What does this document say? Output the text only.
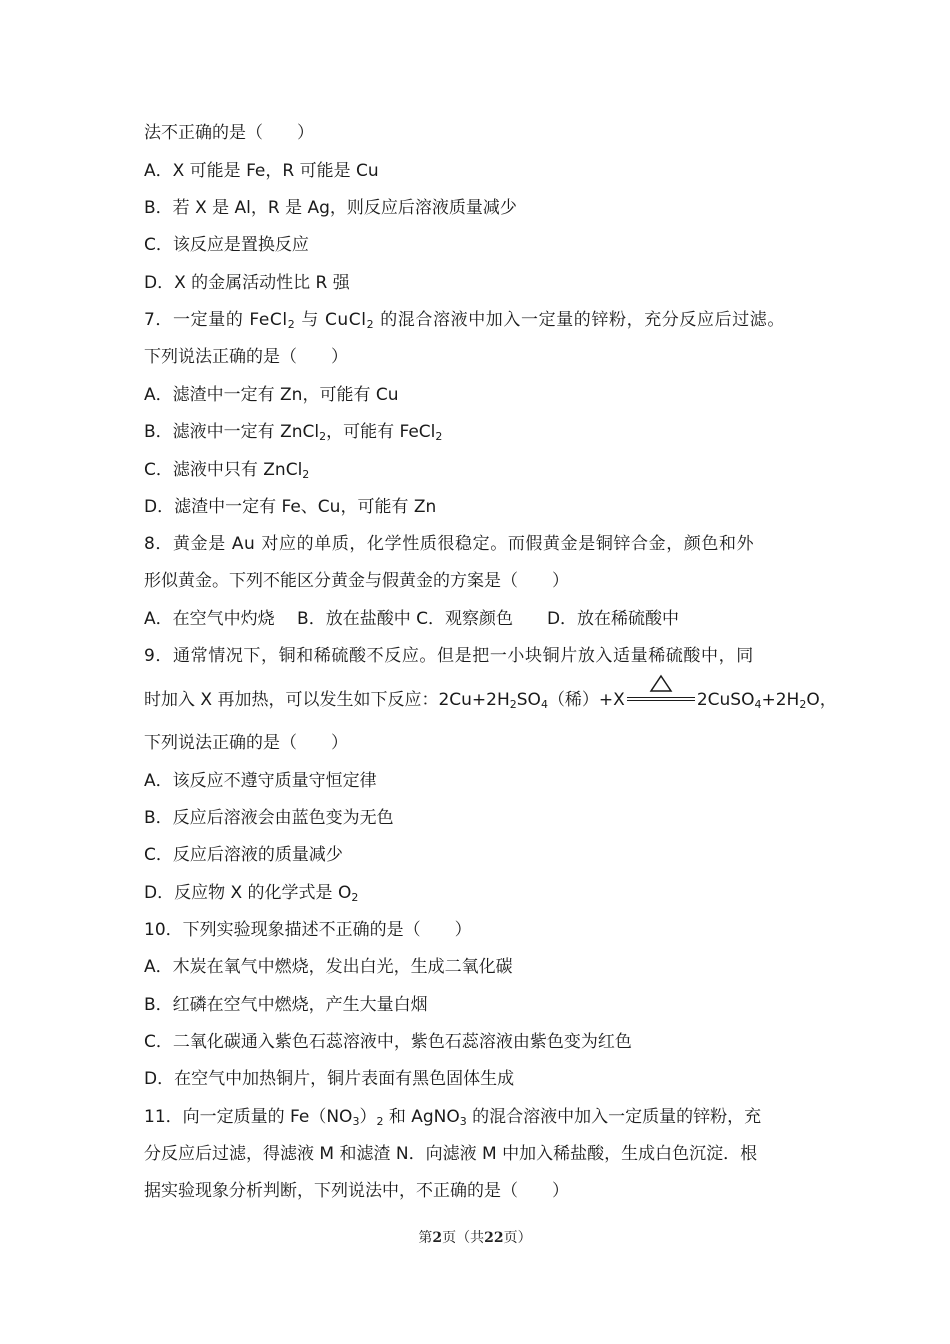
法不正确的是（　　）
A．X 可能是 Fe，R 可能是 Cu
B．若 X 是 Al，R 是 Ag，则反应后溶液质量减少
C．该反应是置换反应
D．X 的金属活动性比 R 强
7．一定量的 FeCl$_2$ 与 CuCl$_2$ 的混合溶液中加入一定量的锌粉，充分反应后过滤。
下列说法正确的是（　　）
A．滤渣中一定有 Zn，可能有 Cu
B．滤液中一定有 ZnCl$_2$，可能有 FeCl$_2$
C．滤液中只有 ZnCl$_2$
D．滤渣中一定有 Fe、Cu，可能有 Zn
8．黄金是 Au 对应的单质，化学性质很稳定。而假黄金是铜锌合金，颜色和外
形似黄金。下列不能区分黄金与假黄金的方案是（　　）
A．在空气中灼烧　 B．放在盐酸中 C．观察颜色　　D．放在稀硫酸中
9．通常情况下，铜和稀硫酸不反应。但是把一小块铜片放入适量稀硫酸中，同
时加入 X 再加热，可以发生如下反应：$2Cu+2H_2SO_4$（稀）+X	$2CuSO_4+2H_2O$，
下列说法正确的是（　　）
A．该反应不遵守质量守恒定律
B．反应后溶液会由蓝色变为无色
C．反应后溶液的质量减少
D．反应物 X 的化学式是 $O_2$
10．下列实验现象描述不正确的是（　　）
A．木炭在氧气中燃烧，发出白光，生成二氧化碳
B．红磷在空气中燃烧，产生大量白烟
C．二氧化碳通入紫色石蕊溶液中，紫色石蕊溶液由紫色变为红色
D．在空气中加热铜片，铜片表面有黑色固体生成
11．向一定质量的 $Fe(NO_3)_2$ 和 AgNO$_3$ 的混合溶液中加入一定质量的锌粉，充
分反应后过滤，得滤液 M 和滤渣 N．向滤液 M 中加入稀盐酸，生成白色沉淀．根
据实验现象分析判断，下列说法中，不正确的是（　　）
第2页（共22页）
